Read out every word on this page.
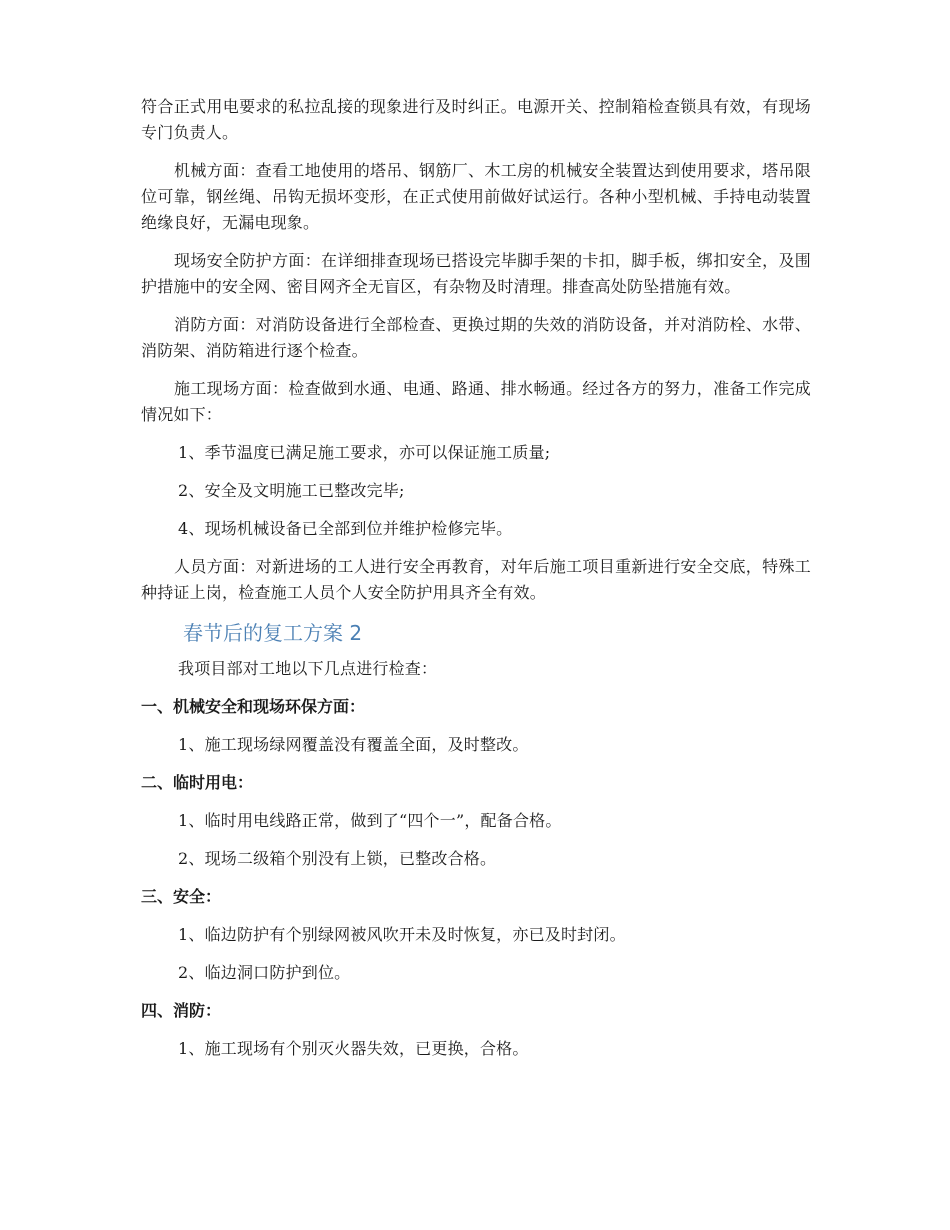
符合正式用电要求的私拉乱接的现象进行及时纠正。电源开关、控制箱检查锁具有效，有现场专门负责人。

机械方面：查看工地使用的塔吊、钢筋厂、木工房的机械安全装置达到使用要求，塔吊限位可靠，钢丝绳、吊钩无损坏变形，在正式使用前做好试运行。各种小型机械、手持电动装置绝缘良好，无漏电现象。

现场安全防护方面：在详细排查现场已搭设完毕脚手架的卡扣，脚手板，绑扣安全，及围护措施中的安全网、密目网齐全无盲区，有杂物及时清理。排查高处防坠措施有效。

消防方面：对消防设备进行全部检查、更换过期的失效的消防设备，并对消防栓、水带、消防架、消防箱进行逐个检查。

施工现场方面：检查做到水通、电通、路通、排水畅通。经过各方的努力，准备工作完成情况如下：

1、季节温度已满足施工要求，亦可以保证施工质量;

2、安全及文明施工已整改完毕;

4、现场机械设备已全部到位并维护检修完毕。

人员方面：对新进场的工人进行安全再教育，对年后施工项目重新进行安全交底，特殊工种持证上岗，检查施工人员个人安全防护用具齐全有效。

春节后的复工方案 2

我项目部对工地以下几点进行检查：

一、机械安全和现场环保方面：

1、施工现场绿网覆盖没有覆盖全面，及时整改。

二、临时用电：

1、临时用电线路正常，做到了“四个一”，配备合格。

2、现场二级箱个别没有上锁，已整改合格。

三、安全：

1、临边防护有个别绿网被风吹开未及时恢复，亦已及时封闭。

2、临边洞口防护到位。

四、消防：

1、施工现场有个别灭火器失效，已更换，合格。
